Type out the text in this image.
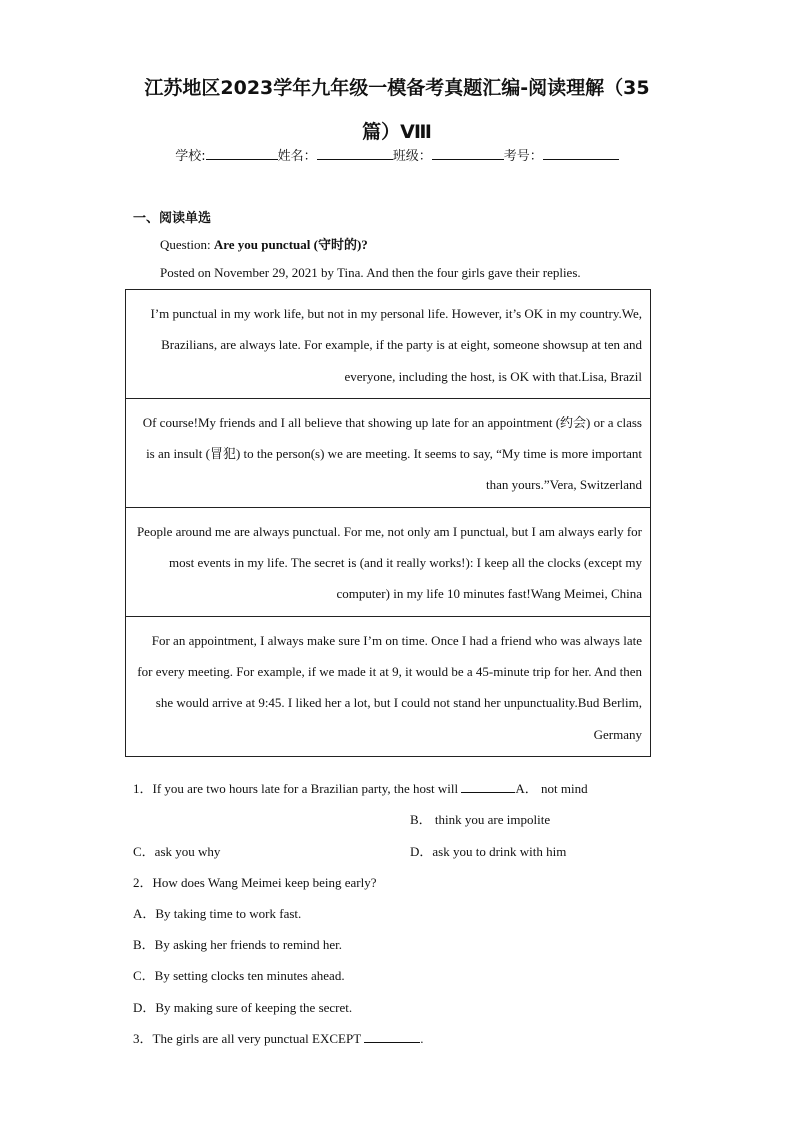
江苏地区2023学年九年级一模备考真题汇编-阅读理解（35
篇）Ⅷ
学校:	姓名：	班级：	考号：
一、阅读单选
Question: Are you punctual (守时的)?
Posted on November 29, 2021 by Tina. And then the four girls gave their replies.
I’m punctual in my work life, but not in my personal life. However, it’s OK in my country.We, Brazilians, are always late. For example, if the party is at eight, someone showsup at ten and everyone, including the host, is OK with that.Lisa, Brazil
Of course!My friends and I all believe that showing up late for an appointment (约会) or a class is an insult (冒犯) to the person(s) we are meeting. It seems to say, “My time is more important than yours.”Vera, Switzerland
People around me are always punctual. For me, not only am I punctual, but I am always early for most events in my life. The secret is (and it really works!): I keep all the clocks (except my computer) in my life 10 minutes fast!Wang Meimei, China
For an appointment, I always make sure I’m on time. Once I had a friend who was always late for every meeting. For example, if we made it at 9, it would be a 45-minute trip for her. And then she would arrive at 9:45. I liked her a lot, but I could not stand her unpunctuality.Bud Berlim, Germany
1．If you are two hours late for a Brazilian party, the host will	A． not mind
B． think you are impolite
C．ask you why	D．ask you to drink with him
2．How does Wang Meimei keep being early?
A．By taking time to work fast.
B．By asking her friends to remind her.
C．By setting clocks ten minutes ahead.
D．By making sure of keeping the secret.
3．The girls are all very punctual EXCEPT	.
